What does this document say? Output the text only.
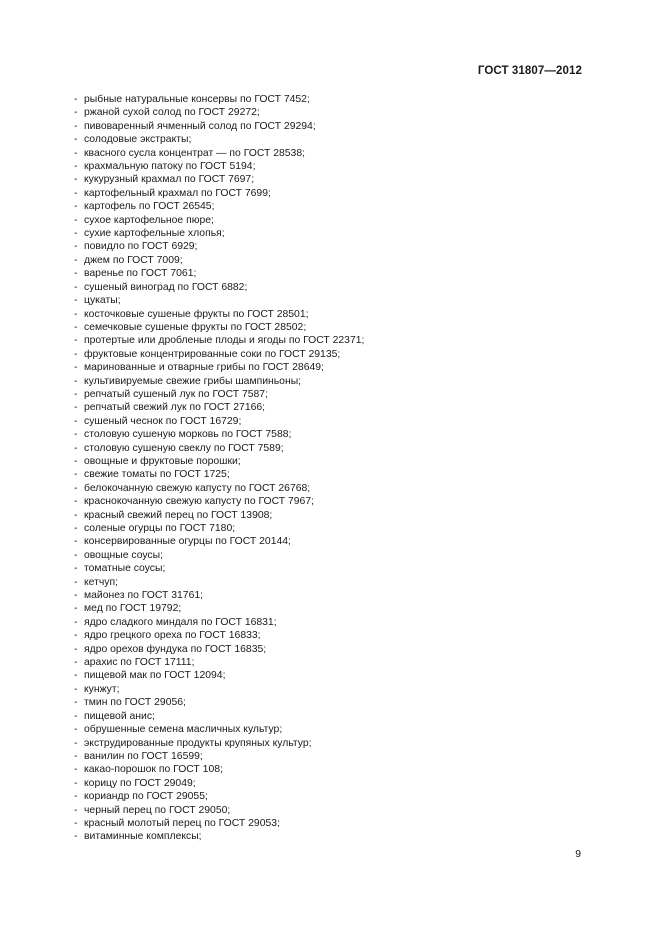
ГОСТ 31807—2012
- рыбные натуральные консервы по ГОСТ 7452;
- ржаной сухой солод по ГОСТ 29272;
- пивоваренный ячменный солод по ГОСТ 29294;
- солодовые экстракты;
- квасного сусла концентрат — по ГОСТ 28538;
- крахмальную патоку по ГОСТ 5194;
- кукурузный крахмал по ГОСТ 7697;
- картофельный крахмал по ГОСТ 7699;
- картофель по ГОСТ 26545;
- сухое картофельное пюре;
- сухие картофельные хлопья;
- повидло по ГОСТ 6929;
- джем по ГОСТ 7009;
- варенье по ГОСТ 7061;
- сушеный виноград по ГОСТ 6882;
- цукаты;
- косточковые сушеные фрукты по ГОСТ 28501;
- семечковые сушеные фрукты по ГОСТ 28502;
- протертые или дробленые плоды и ягоды по ГОСТ 22371;
- фруктовые концентрированные соки по ГОСТ 29135;
- маринованные и отварные грибы по ГОСТ 28649;
- культивируемые свежие грибы шампиньоны;
- репчатый сушеный лук по ГОСТ 7587;
- репчатый свежий лук по ГОСТ 27166;
- сушеный чеснок по ГОСТ 16729;
- столовую сушеную морковь по ГОСТ 7588;
- столовую сушеную свеклу по ГОСТ 7589;
- овощные и фруктовые порошки;
- свежие томаты по ГОСТ 1725;
- белокочанную свежую капусту по ГОСТ 26768;
- краснокочанную свежую капусту по ГОСТ 7967;
- красный свежий перец по ГОСТ 13908;
- соленые огурцы по ГОСТ 7180;
- консервированные огурцы по ГОСТ 20144;
- овощные соусы;
- томатные соусы;
- кетчуп;
- майонез по ГОСТ 31761;
- мед по ГОСТ 19792;
- ядро сладкого миндаля по ГОСТ 16831;
- ядро грецкого ореха по ГОСТ 16833;
- ядро орехов фундука по ГОСТ 16835;
- арахис по ГОСТ 17111;
- пищевой мак по ГОСТ 12094;
- кунжут;
- тмин по ГОСТ 29056;
- пищевой анис;
- обрушенные семена масличных культур;
- экструдированные продукты крупяных культур;
- ванилин по ГОСТ 16599;
- какао-порошок по ГОСТ 108;
- корицу по ГОСТ 29049;
- кориандр по ГОСТ 29055;
- черный перец по ГОСТ 29050;
- красный молотый перец по ГОСТ 29053;
- витаминные комплексы;
9
